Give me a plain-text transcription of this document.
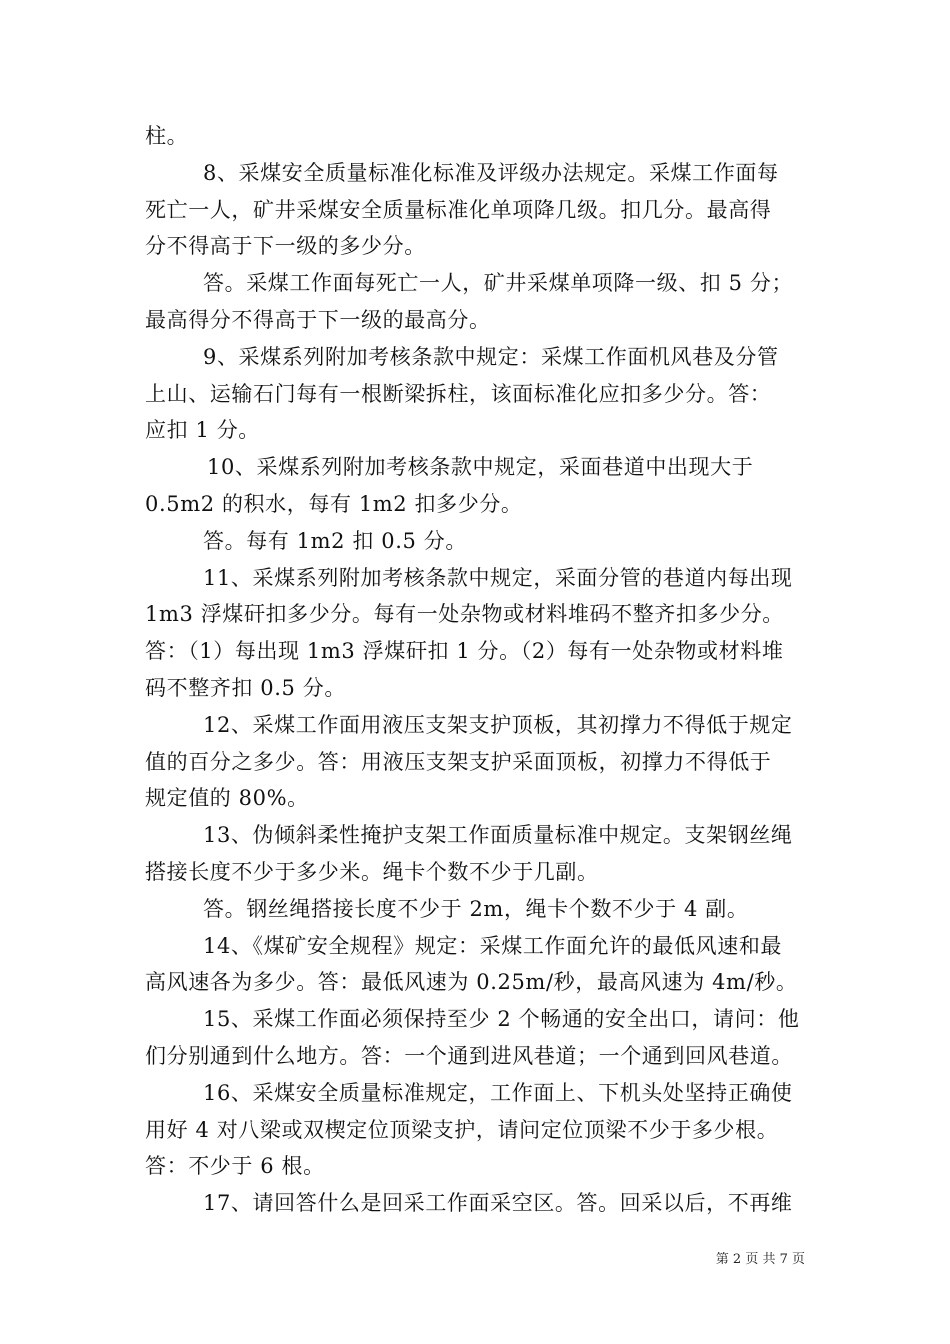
柱。

8、采煤安全质量标准化标准及评级办法规定。采煤工作面每

死亡一人，矿井采煤安全质量标准化单项降几级。扣几分。最高得

分不得高于下一级的多少分。

答。采煤工作面每死亡一人，矿井采煤单项降一级、扣 5 分；

最高得分不得高于下一级的最高分。

9、采煤系列附加考核条款中规定：采煤工作面机风巷及分管

上山、运输石门每有一根断梁拆柱，该面标准化应扣多少分。答：

应扣 1 分。

10、采煤系列附加考核条款中规定，采面巷道中出现大于

0.5m2 的积水，每有 1m2 扣多少分。

答。每有 1m2 扣 0.5 分。

11、采煤系列附加考核条款中规定，采面分管的巷道内每出现

1m3 浮煤矸扣多少分。每有一处杂物或材料堆码不整齐扣多少分。

答：（1）每出现 1m3 浮煤矸扣 1 分。（2）每有一处杂物或材料堆

码不整齐扣 0.5 分。

12、采煤工作面用液压支架支护顶板，其初撑力不得低于规定

值的百分之多少。答：用液压支架支护采面顶板，初撑力不得低于

规定值的 80%。

13、伪倾斜柔性掩护支架工作面质量标准中规定。支架钢丝绳

搭接长度不少于多少米。绳卡个数不少于几副。

答。钢丝绳搭接长度不少于 2m，绳卡个数不少于 4 副。

14、《煤矿安全规程》规定：采煤工作面允许的最低风速和最

高风速各为多少。答：最低风速为 0.25m/秒，最高风速为 4m/秒。

15、采煤工作面必须保持至少 2 个畅通的安全出口，请问：他

们分别通到什么地方。答：一个通到进风巷道；一个通到回风巷道。

16、采煤安全质量标准规定，工作面上、下机头处坚持正确使

用好 4 对八梁或双楔定位顶梁支护，请问定位顶梁不少于多少根。

答：不少于 6 根。

17、请回答什么是回采工作面采空区。答。回采以后，不再维

第 2 页 共 7 页
